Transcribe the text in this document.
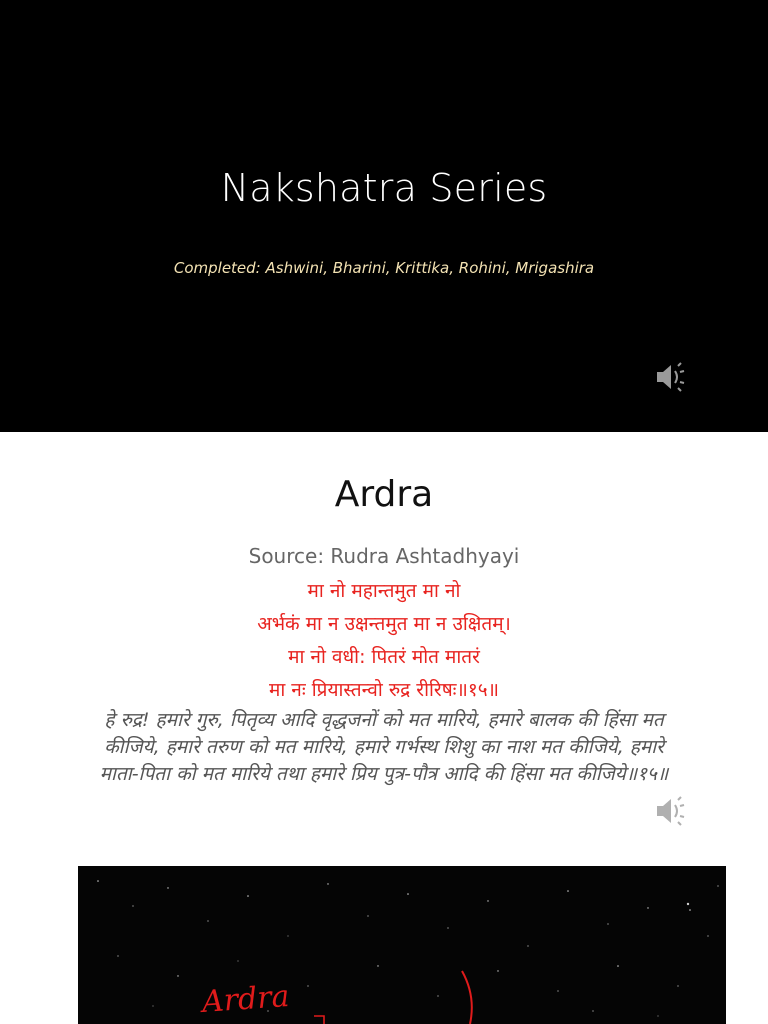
Nakshatra Series
Completed: Ashwini, Bharini, Krittika, Rohini, Mrigashira
Ardra
Source: Rudra Ashtadhyayi
मा नो महान्तमुत मा नो
अर्भकं मा न उक्षन्तमुत मा न उक्षितम्।
मा नो वधी: पितरं मोत मातरं
मा नः प्रियास्तन्वो रुद्र रीरिषः॥१५॥
हे रुद्र! हमारे गुरु, पितृव्य आदि वृद्धजनों को मत मारिये, हमारे बालक की हिंसा मत कीजिये, हमारे तरुण को मत मारिये, हमारे गर्भस्थ शिशु का नाश मत कीजिये, हमारे माता-पिता को मत मारिये तथा हमारे प्रिय पुत्र-पौत्र आदि की हिंसा मत कीजिये॥१५॥
Ardra
